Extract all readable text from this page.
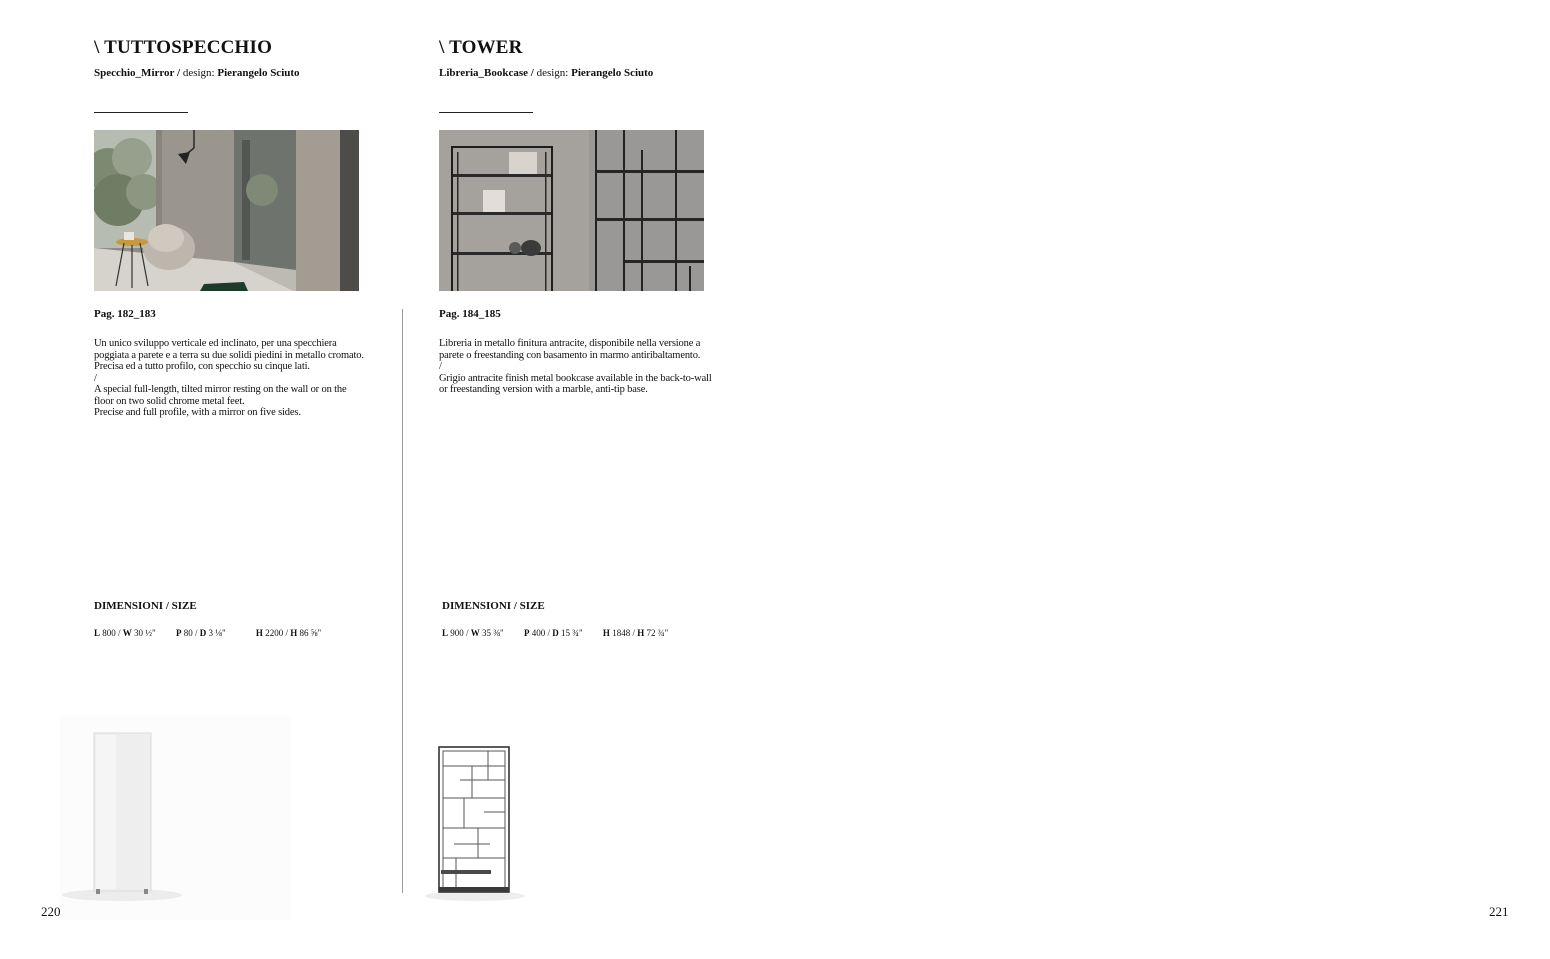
\ TUTTOSPECCHIO
Specchio_Mirror / design: Pierangelo Sciuto
Pag. 182_183
Un unico sviluppo verticale ed inclinato, per una specchiera
poggiata a parete e a terra su due solidi piedini in metallo cromato.
Precisa ed a tutto profilo, con specchio su cinque lati.
/
A special full-length, tilted mirror resting on the wall or on the
floor on two solid chrome metal feet.
Precise and full profile, with a mirror on five sides.
DIMENSIONI / SIZE
L 800 / W 30 ½" P 80 / D 3 ⅛"	H 2200 / H 86 ⅝"
\ TOWER
Libreria_Bookcase / design: Pierangelo Sciuto
Pag. 184_185
Libreria in metallo finitura antracite, disponibile nella versione a
parete o freestanding con basamento in marmo antiribaltamento.
/
Grigio antracite finish metal bookcase available in the back-to-wall
or freestanding version with a marble, anti-tip base.
DIMENSIONI / SIZE
L 900 / W 35 ⅜" P 400 / D 15 ¾" H 1848 / H 72 ¾"
220	221
